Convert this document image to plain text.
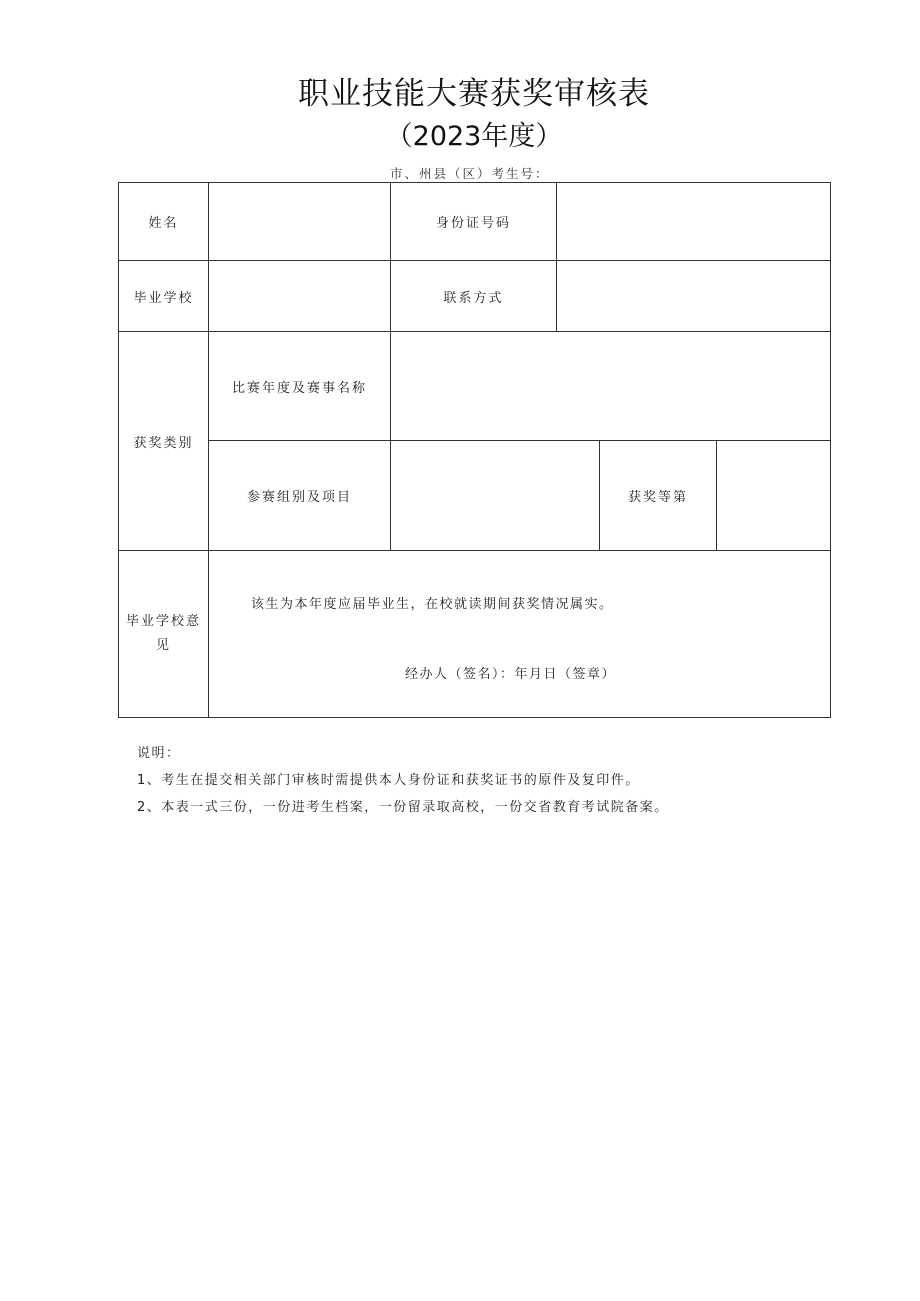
职业技能大赛获奖审核表
（2023年度）
市、州县（区）考生号：
姓名		身份证号码			
毕业学校		联系方式			
获奖类别	比赛年度及赛事名称				
	参赛组别及项目			获奖等第	
毕业学校意
见	该生为本年度应届毕业生，在校就读期间获奖情况属实。
经办人（签名）：年月日（签章）				
说明：
1、考生在提交相关部门审核时需提供本人身份证和获奖证书的原件及复印件。
2、本表一式三份，一份进考生档案，一份留录取高校，一份交省教育考试院备案。
